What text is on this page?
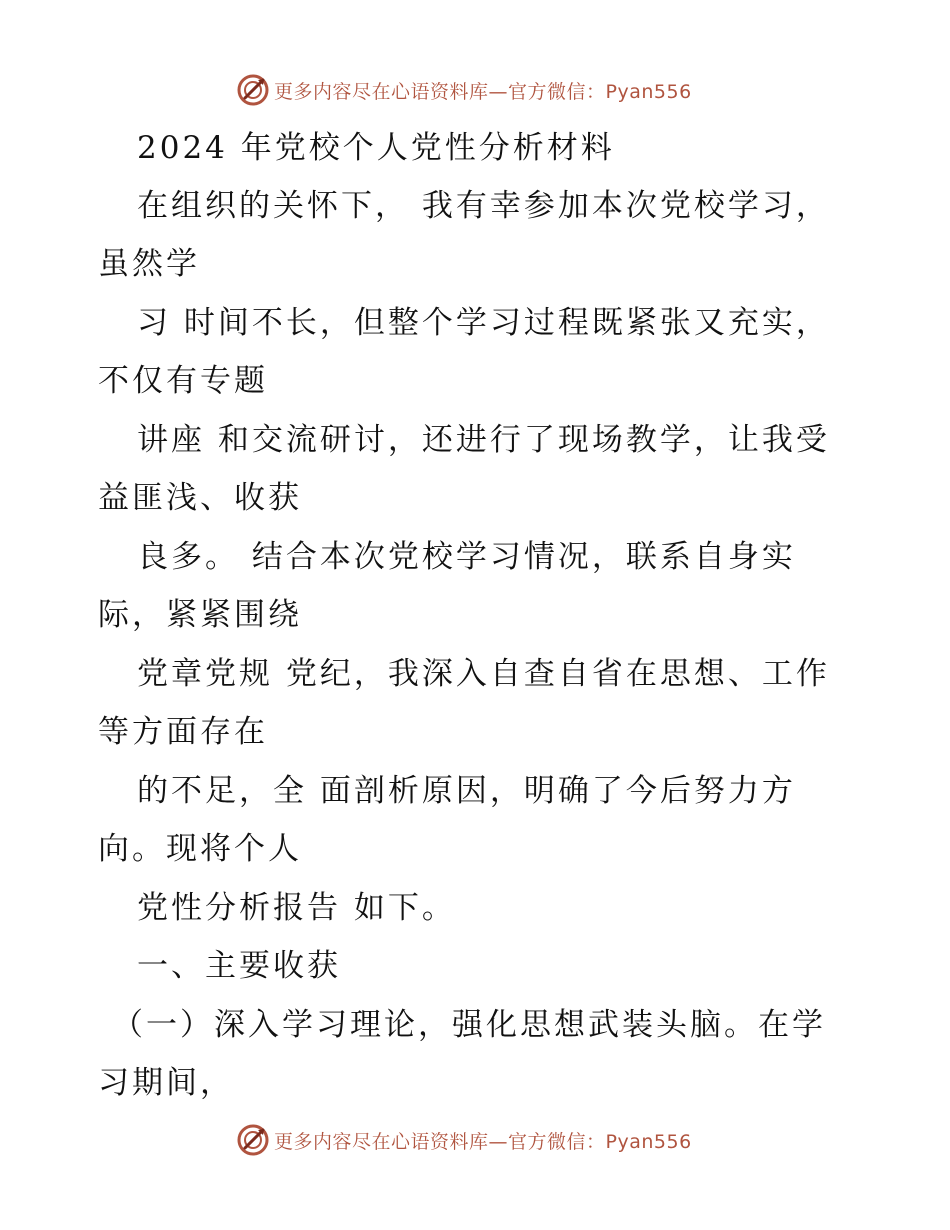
更多内容尽在心语资料库—官方微信：Pyan556
2024 年党校个人党性分析材料
在组织的关怀下， 我有幸参加本次党校学习，
虽然学
习 时间不长，但整个学习过程既紧张又充实，
不仅有专题
讲座 和交流研讨，还进行了现场教学，让我受
益匪浅、收获
良多。 结合本次党校学习情况，联系自身实
际，紧紧围绕
党章党规 党纪，我深入自查自省在思想、工作
等方面存在
的不足，全 面剖析原因，明确了今后努力方
向。现将个人
党性分析报告 如下。
一、主要收获
（一）深入学习理论，强化思想武装头脑。在学
习期间，
更多内容尽在心语资料库—官方微信：Pyan556
